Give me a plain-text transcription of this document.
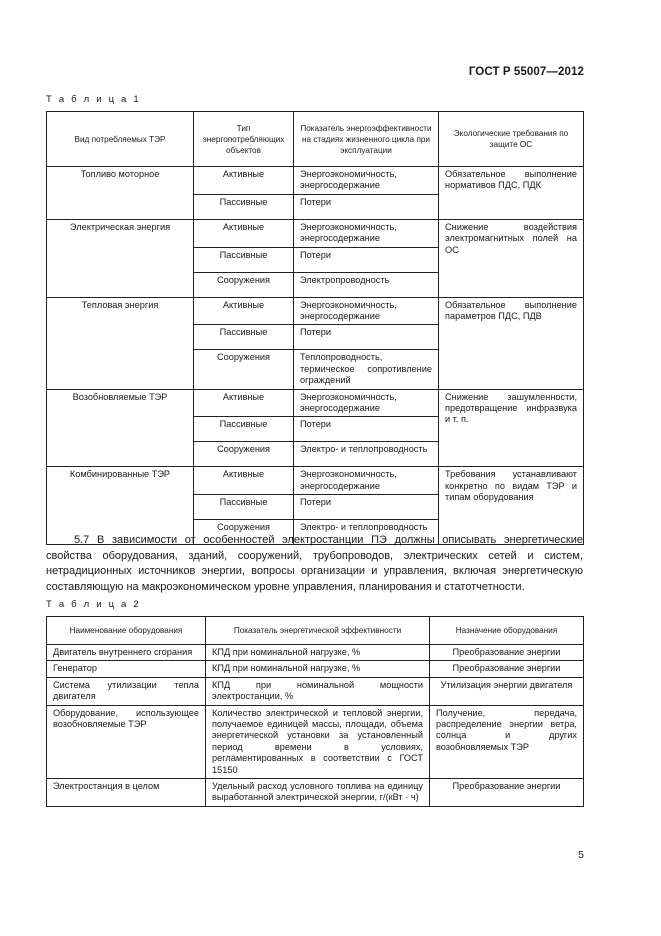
ГОСТ Р 55007—2012
Т а б л и ц а 1
Вид потребляемых ТЭР	Тип энергопотребляющих объектов	Показатель энергоэффективности на стадиях жизненного цикла при эксплуатации	Экологические требования по защите ОС
Топливо моторное	Активные	Энергоэкономичность, энергосодержание	Обязательное выполнение нормативов ПДС, ПДК
	Пассивные	Потери	
Электрическая энергия	Активные	Энергоэкономичность, энергосодержание	Снижение воздействия электромагнитных полей на ОС
	Пассивные	Потери	
	Сооружения	Электропроводность	
Тепловая энергия	Активные	Энергоэкономичность, энергосодержание	Обязательное выполнение параметров ПДС, ПДВ
	Пассивные	Потери	
	Сооружения	Теплопроводность, термическое сопротивление ограждений	
Возобновляемые ТЭР	Активные	Энергоэкономичность, энергосодержание	Снижение зашумленности, предотвращение инфразвука и т. п.
	Пассивные	Потери	
	Сооружения	Электро- и теплопроводность	
Комбинированные ТЭР	Активные	Энергоэкономичность, энергосодержание	Требования устанавливают конкретно по видам ТЭР и типам оборудования
	Пассивные	Потери	
	Сооружения	Электро- и теплопроводность	
5.7 В зависимости от особенностей электростанции ПЭ должны описывать энергетические свойства оборудования, зданий, сооружений, трубопроводов, электрических сетей и систем, нетрадиционных источников энергии, вопросы организации и управления, включая энергетическую составляющую на макроэкономическом уровне управления, планирования и статотчетности.
Т а б л и ц а 2
Наименование оборудования	Показатель энергетической эффективности	Назначение оборудования
Двигатель внутреннего сгорания	КПД при номинальной нагрузке, %	Преобразование энергии
Генератор	КПД при номинальной нагрузке, %	Преобразование энергии
Система утилизации тепла двигателя	КПД при номинальной мощности электростанции, %	Утилизация энергии двигателя
Оборудование, использующее возобновляемые ТЭР	Количество электрической и тепловой энергии, получаемое единицей массы, площади, объема энергетической установки за установленный период времени в условиях, регламентированных в соответствии с ГОСТ 15150	Получение, передача, распределение энергии ветра, солнца и других возобновляемых ТЭР
Электростанция в целом	Удельный расход условного топлива на единицу выработанной электрической энергии, г/(кВт · ч)	Преобразование энергии
5
